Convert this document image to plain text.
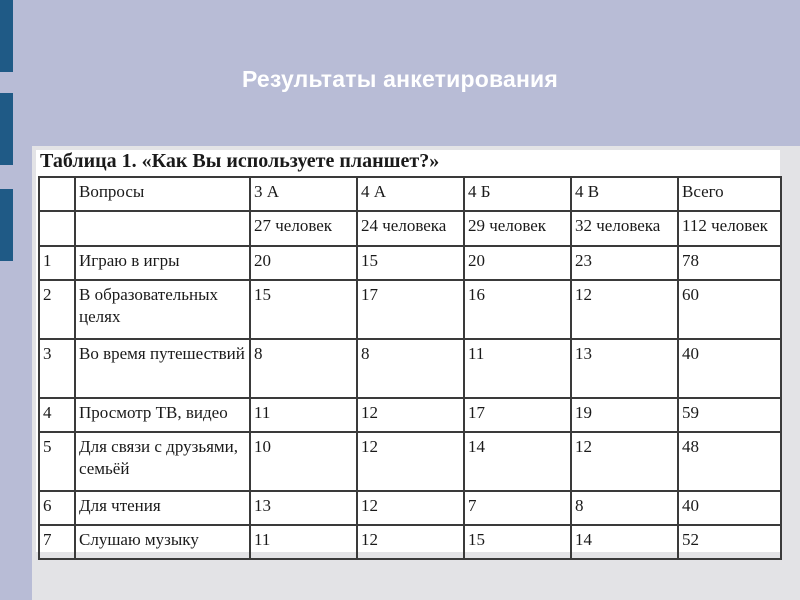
Результаты анкетирования
Таблица 1. «Как Вы используете планшет?»
	Вопросы	3 А	4 А	4 Б	4 В	Всего
		27 человек	24 человека	29 человек	32 человека	112 человек
1	Играю в игры	20	15	20	23	78
2	В образовательных целях	15	17	16	12	60
3	Во время путешествий	8	8	11	13	40
4	Просмотр ТВ, видео	11	12	17	19	59
5	Для связи с друзьями, семьёй	10	12	14	12	48
6	Для чтения	13	12	7	8	40
7	Слушаю музыку	11	12	15	14	52
